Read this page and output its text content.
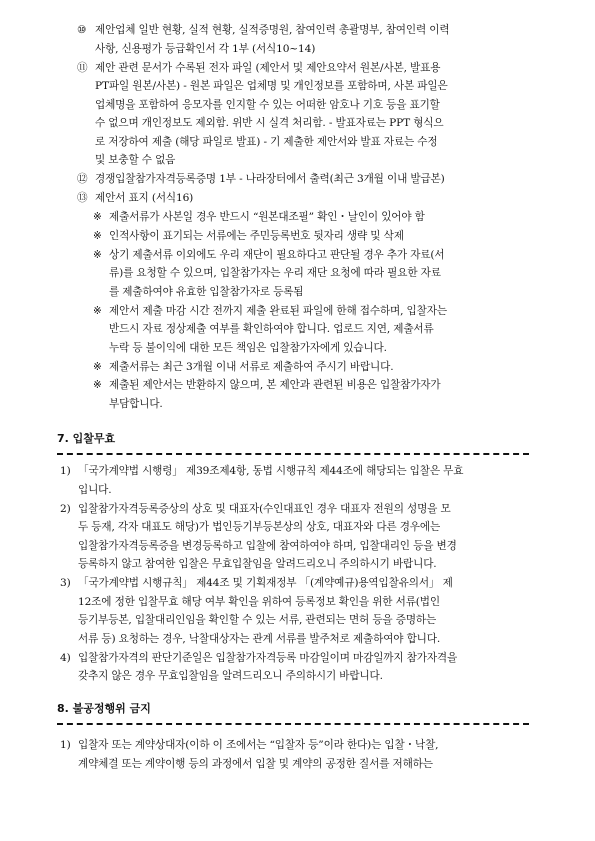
⑩ 제안업체 일반 현황, 실적 현황, 실적증명원, 참여인력 총괄명부, 참여인력 이력
사항, 신용평가 등급확인서 각 1부 (서식10~14)
⑪ 제안 관련 문서가 수록된 전자 파일 (제안서 및 제안요약서 원본/사본, 발표용
PT파일 원본/사본) - 원본 파일은 업체명 및 개인정보를 포함하며, 사본 파일은
업체명을 포함하여 응모자를 인지할 수 있는 어떠한 암호나 기호 등을 표기할
수 없으며 개인정보도 제외함. 위반 시 실격 처리함. - 발표자료는 PPT 형식으
로 저장하여 제출 (해당 파일로 발표) - 기 제출한 제안서와 발표 자료는 수정
및 보충할 수 없음
⑫ 경쟁입찰참가자격등록증명 1부 - 나라장터에서 출력(최근 3개월 이내 발급본)
⑬ 제안서 표지 (서식16)
※ 제출서류가 사본일 경우 반드시 “원본대조필” 확인・날인이 있어야 함
※ 인적사항이 표기되는 서류에는 주민등록번호 뒷자리 생략 및 삭제
※ 상기 제출서류 이외에도 우리 재단이 필요하다고 판단될 경우 추가 자료(서
류)를 요청할 수 있으며, 입찰참가자는 우리 재단 요청에 따라 필요한 자료
를 제출하여야 유효한 입찰참가자로 등록됨
※ 제안서 제출 마감 시간 전까지 제출 완료된 파일에 한해 접수하며, 입찰자는
반드시 자료 정상제출 여부를 확인하여야 합니다. 업로드 지연, 제출서류
누락 등 불이익에 대한 모든 책임은 입찰참가자에게 있습니다.
※ 제출서류는 최근 3개월 이내 서류로 제출하여 주시기 바랍니다.
※ 제출된 제안서는 반환하지 않으며, 본 제안과 관련된 비용은 입찰참가자가
부담합니다.
7. 입찰무효
1) 「국가계약법 시행령」 제39조제4항, 동법 시행규칙 제44조에 해당되는 입찰은 무효
입니다.
2) 입찰참가자격등록증상의 상호 및 대표자(수인대표인 경우 대표자 전원의 성명을 모
두 등재, 각자 대표도 해당)가 법인등기부등본상의 상호, 대표자와 다른 경우에는
입찰참가자격등록증을 변경등록하고 입찰에 참여하여야 하며, 입찰대리인 등을 변경
등록하지 않고 참여한 입찰은 무효입찰임을 알려드리오니 주의하시기 바랍니다.
3) 「국가계약법 시행규칙」 제44조 및 기획재정부 「(계약예규)용역입찰유의서」 제
12조에 정한 입찰무효 해당 여부 확인을 위하여 등록정보 확인을 위한 서류(법인
등기부등본, 입찰대리인임을 확인할 수 있는 서류, 관련되는 면허 등을 증명하는
서류 등) 요청하는 경우, 낙찰대상자는 관계 서류를 발주처로 제출하여야 합니다.
4) 입찰참가자격의 판단기준일은 입찰참가자격등록 마감일이며 마감일까지 참가자격을
갖추지 않은 경우 무효입찰임을 알려드리오니 주의하시기 바랍니다.
8. 불공정행위 금지
1) 입찰자 또는 계약상대자(이하 이 조에서는 “입찰자 등”이라 한다)는 입찰・낙찰,
계약체결 또는 계약이행 등의 과정에서 입찰 및 계약의 공정한 질서를 저해하는
